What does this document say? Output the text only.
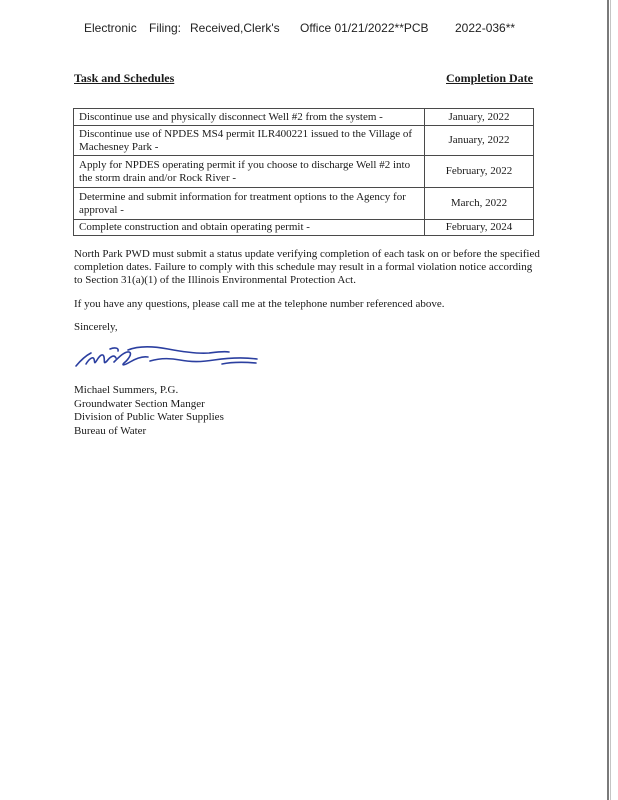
Electronic Filing: Received,Clerk's Office 01/21/2022**PCB 2022-036**
Task and Schedules	Completion Date
Discontinue use and physically disconnect Well #2 from the system -	January, 2022
Discontinue use of NPDES MS4 permit ILR400221 issued to the Village of Machesney Park -	January, 2022
Apply for NPDES operating permit if you choose to discharge Well #2 into the storm drain and/or Rock River -	February, 2022
Determine and submit information for treatment options to the Agency for approval -	March, 2022
Complete construction and obtain operating permit -	February, 2024

North Park PWD must submit a status update verifying completion of each task on or before the specified completion dates. Failure to comply with this schedule may result in a formal violation notice according to Section 31(a)(1) of the Illinois Environmental Protection Act.

If you have any questions, please call me at the telephone number referenced above.

Sincerely,

Michael Summers, P.G.
Groundwater Section Manger
Division of Public Water Supplies
Bureau of Water
